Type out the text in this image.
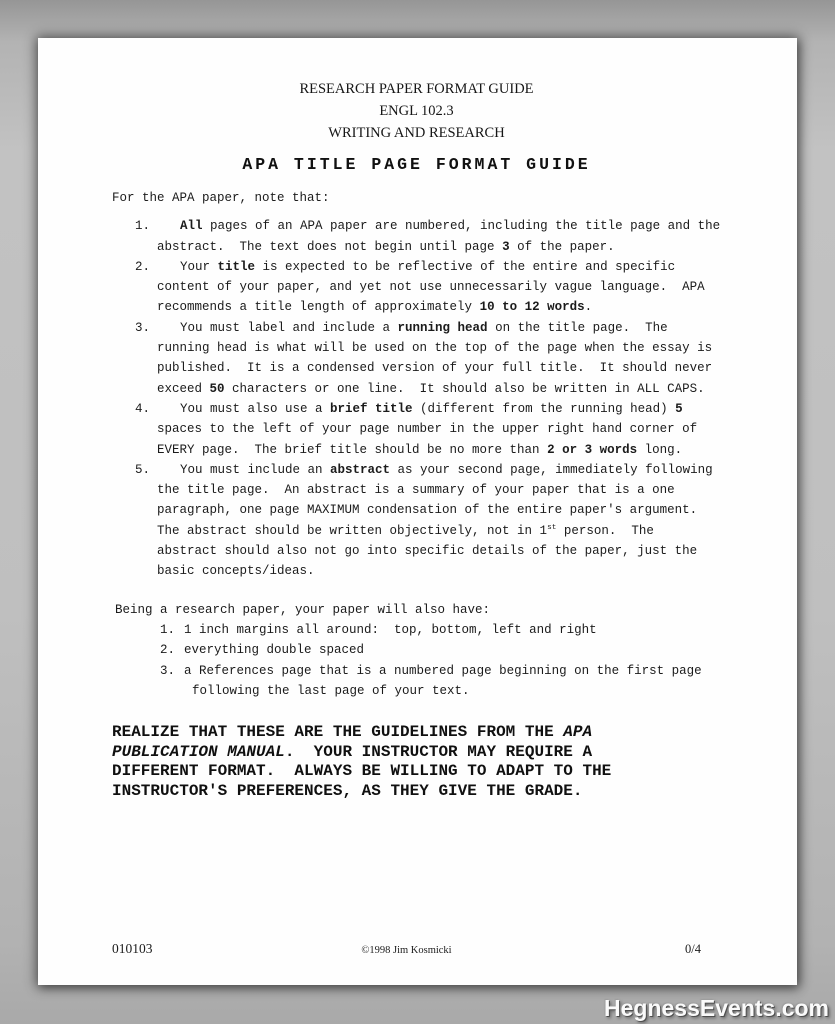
RESEARCH PAPER FORMAT GUIDE
ENGL 102.3
WRITING AND RESEARCH
APA TITLE PAGE FORMAT GUIDE
For the APA paper, note that:
1. All pages of an APA paper are numbered, including the title page and the abstract.  The text does not begin until page 3 of the paper.
2. Your title is expected to be reflective of the entire and specific content of your paper, and yet not use unnecessarily vague language.  APA recommends a title length of approximately 10 to 12 words.
3. You must label and include a running head on the title page.  The running head is what will be used on the top of the page when the essay is published.  It is a condensed version of your full title.  It should never exceed 50 characters or one line.  It should also be written in ALL CAPS.
4. You must also use a brief title (different from the running head) 5 spaces to the left of your page number in the upper right hand corner of EVERY page.  The brief title should be no more than 2 or 3 words long.
5. You must include an abstract as your second page, immediately following the title page.  An abstract is a summary of your paper that is a one paragraph, one page MAXIMUM condensation of the entire paper's argument.  The abstract should be written objectively, not in 1st person.  The abstract should also not go into specific details of the paper, just the basic concepts/ideas.
Being a research paper, your paper will also have:
1. 1 inch margins all around:  top, bottom, left and right
2. everything double spaced
3. a References page that is a numbered page beginning on the first page following the last page of your text.
REALIZE THAT THESE ARE THE GUIDELINES FROM THE APA PUBLICATION MANUAL.  YOUR INSTRUCTOR MAY REQUIRE A DIFFERENT FORMAT.  ALWAYS BE WILLING TO ADAPT TO THE INSTRUCTOR'S PREFERENCES, AS THEY GIVE THE GRADE.
010103	©1998 Jim Kosmicki	0/4
HegnessEvents.com
